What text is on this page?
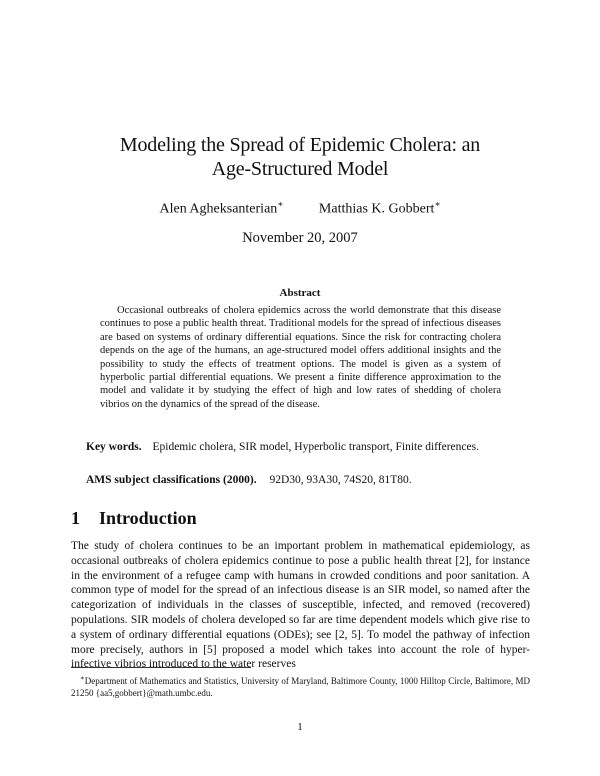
Modeling the Spread of Epidemic Cholera: an
Age-Structured Model
Alen Agheksanterian∗	Matthias K. Gobbert∗
November 20, 2007
Abstract
Occasional outbreaks of cholera epidemics across the world demonstrate that this disease continues to pose a public health threat. Traditional models for the spread of infectious diseases are based on systems of ordinary differential equations. Since the risk for contracting cholera depends on the age of the humans, an age-structured model offers additional insights and the possibility to study the effects of treatment options. The model is given as a system of hyperbolic partial differential equations. We present a finite difference approximation to the model and validate it by studying the effect of high and low rates of shedding of cholera vibrios on the dynamics of the spread of the disease.
Key words. Epidemic cholera, SIR model, Hyperbolic transport, Finite differences.
AMS subject classifications (2000). 92D30, 93A30, 74S20, 81T80.
1 Introduction
The study of cholera continues to be an important problem in mathematical epidemiology, as occasional outbreaks of cholera epidemics continue to pose a public health threat [2], for instance in the environment of a refugee camp with humans in crowded conditions and poor sanitation. A common type of model for the spread of an infectious disease is an SIR model, so named after the categorization of individuals in the classes of susceptible, infected, and removed (recovered) populations. SIR models of cholera developed so far are time dependent models which give rise to a system of ordinary differential equations (ODEs); see [2, 5]. To model the pathway of infection more precisely, authors in [5] proposed a model which takes into account the role of hyper-infective vibrios introduced to the water reserves
∗Department of Mathematics and Statistics, University of Maryland, Baltimore County, 1000 Hilltop Circle, Baltimore, MD 21250 {aa5,gobbert}@math.umbc.edu.
1
